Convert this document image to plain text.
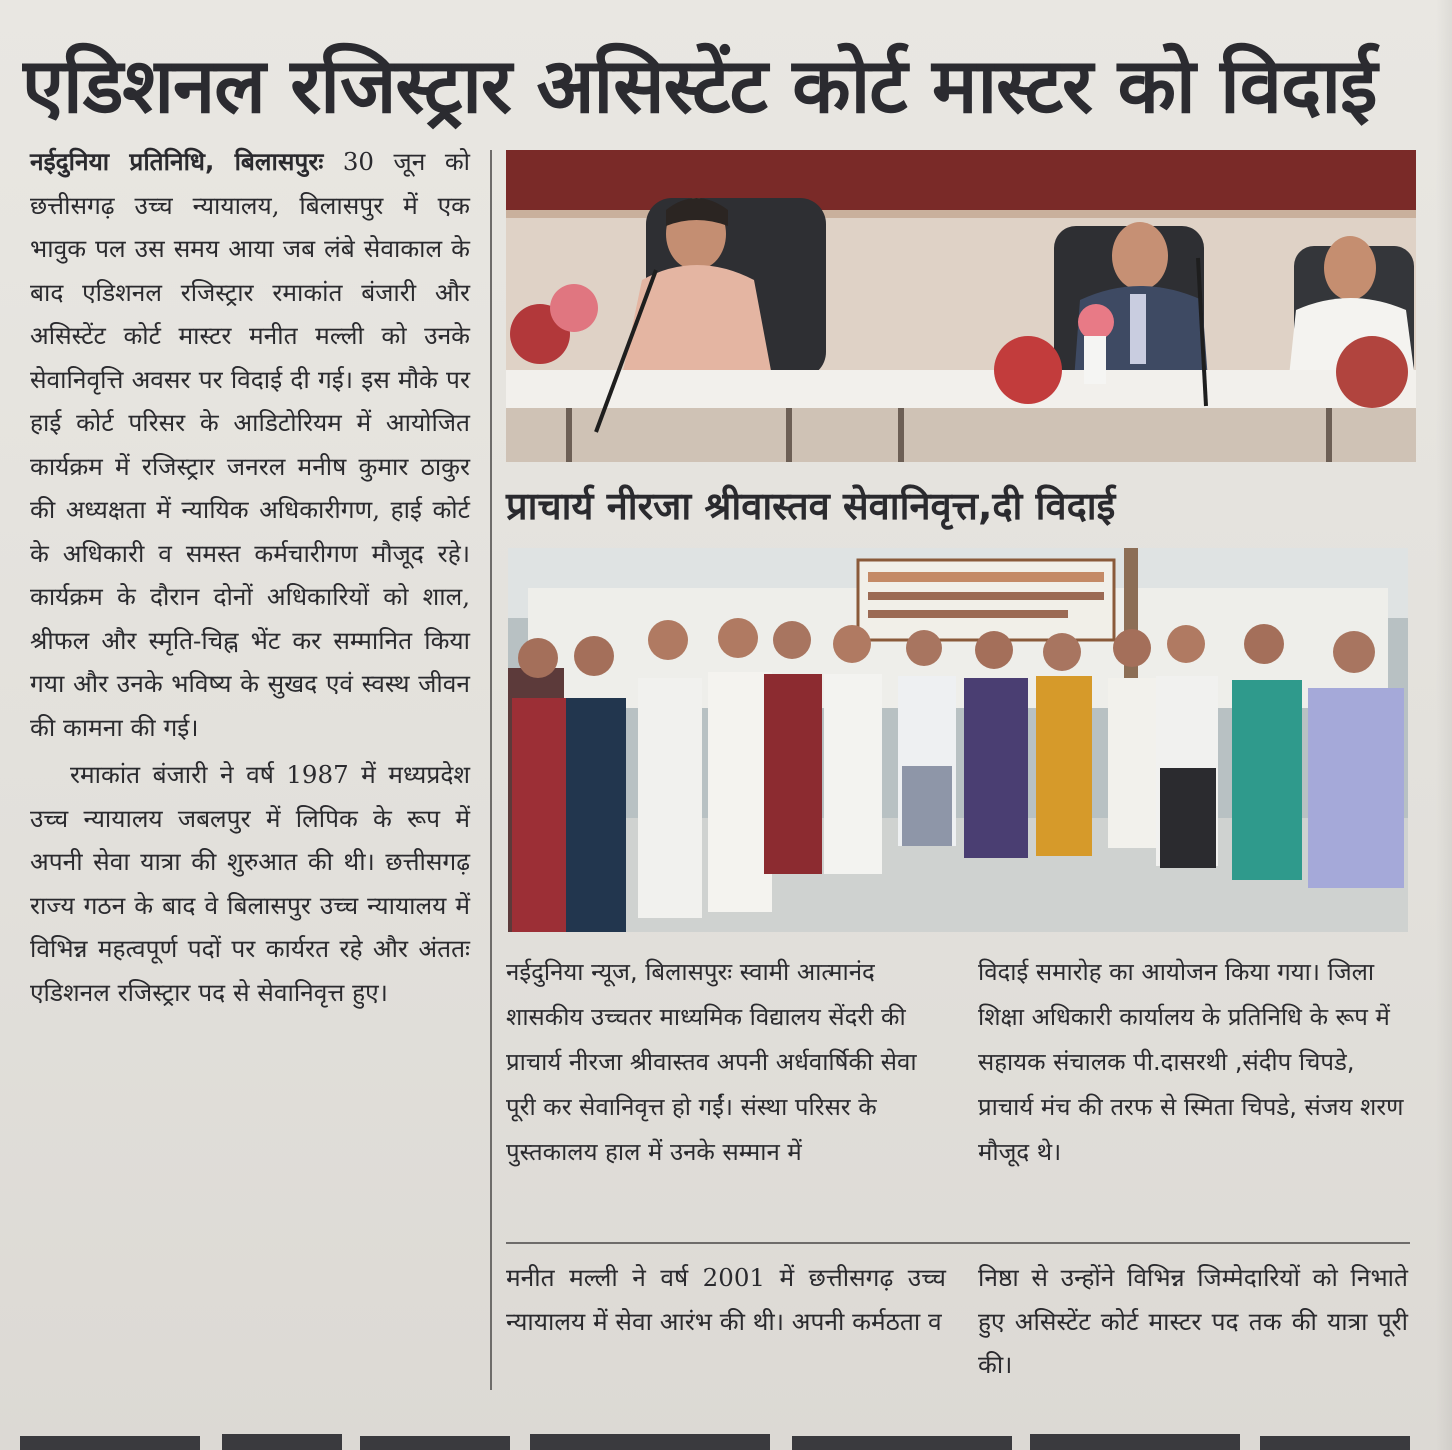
एडिशनल रजिस्ट्रार असिस्टेंट कोर्ट मास्टर को विदाई

नईदुनिया प्रतिनिधि, बिलासपुरः 30 जून को छत्तीसगढ़ उच्च न्यायालय, बिलासपुर में एक भावुक पल उस समय आया जब लंबे सेवाकाल के बाद एडिशनल रजिस्ट्रार रमाकांत बंजारी और असिस्टेंट कोर्ट मास्टर मनीत मल्ली को उनके सेवानिवृत्ति अवसर पर विदाई दी गई। इस मौके पर हाई कोर्ट परिसर के आडिटोरियम में आयोजित कार्यक्रम में रजिस्ट्रार जनरल मनीष कुमार ठाकुर की अध्यक्षता में न्यायिक अधिकारीगण, हाई कोर्ट के अधिकारी व समस्त कर्मचारीगण मौजूद रहे। कार्यक्रम के दौरान दोनों अधिकारियों को शाल, श्रीफल और स्मृति-चिह्न भेंट कर सम्मानित किया गया और उनके भविष्य के सुखद एवं स्वस्थ जीवन की कामना की गई।

रमाकांत बंजारी ने वर्ष 1987 में मध्यप्रदेश उच्च न्यायालय जबलपुर में लिपिक के रूप में अपनी सेवा यात्रा की शुरुआत की थी। छत्तीसगढ़ राज्य गठन के बाद वे बिलासपुर उच्च न्यायालय में विभिन्न महत्वपूर्ण पदों पर कार्यरत रहे और अंततः एडिशनल रजिस्ट्रार पद से सेवानिवृत्त हुए।

प्राचार्य नीरजा श्रीवास्तव सेवानिवृत्त,दी विदाई

नईदुनिया न्यूज, बिलासपुरः स्वामी आत्मानंद शासकीय उच्चतर माध्यमिक विद्यालय सेंदरी की प्राचार्य नीरजा श्रीवास्तव अपनी अर्धवार्षिकी सेवा पूरी कर सेवानिवृत्त हो गईं। संस्था परिसर के पुस्तकालय हाल में उनके सम्मान में

विदाई समारोह का आयोजन किया गया। जिला शिक्षा अधिकारी कार्यालय के प्रतिनिधि के रूप में सहायक संचालक पी.दासरथी ,संदीप चिपडे, प्राचार्य मंच की तरफ से स्मिता चिपडे, संजय शरण मौजूद थे।

मनीत मल्ली ने वर्ष 2001 में छत्तीसगढ़ उच्च न्यायालय में सेवा आरंभ की थी। अपनी कर्मठता व

निष्ठा से उन्होंने विभिन्न जिम्मेदारियों को निभाते हुए असिस्टेंट कोर्ट मास्टर पद तक की यात्रा पूरी की।
